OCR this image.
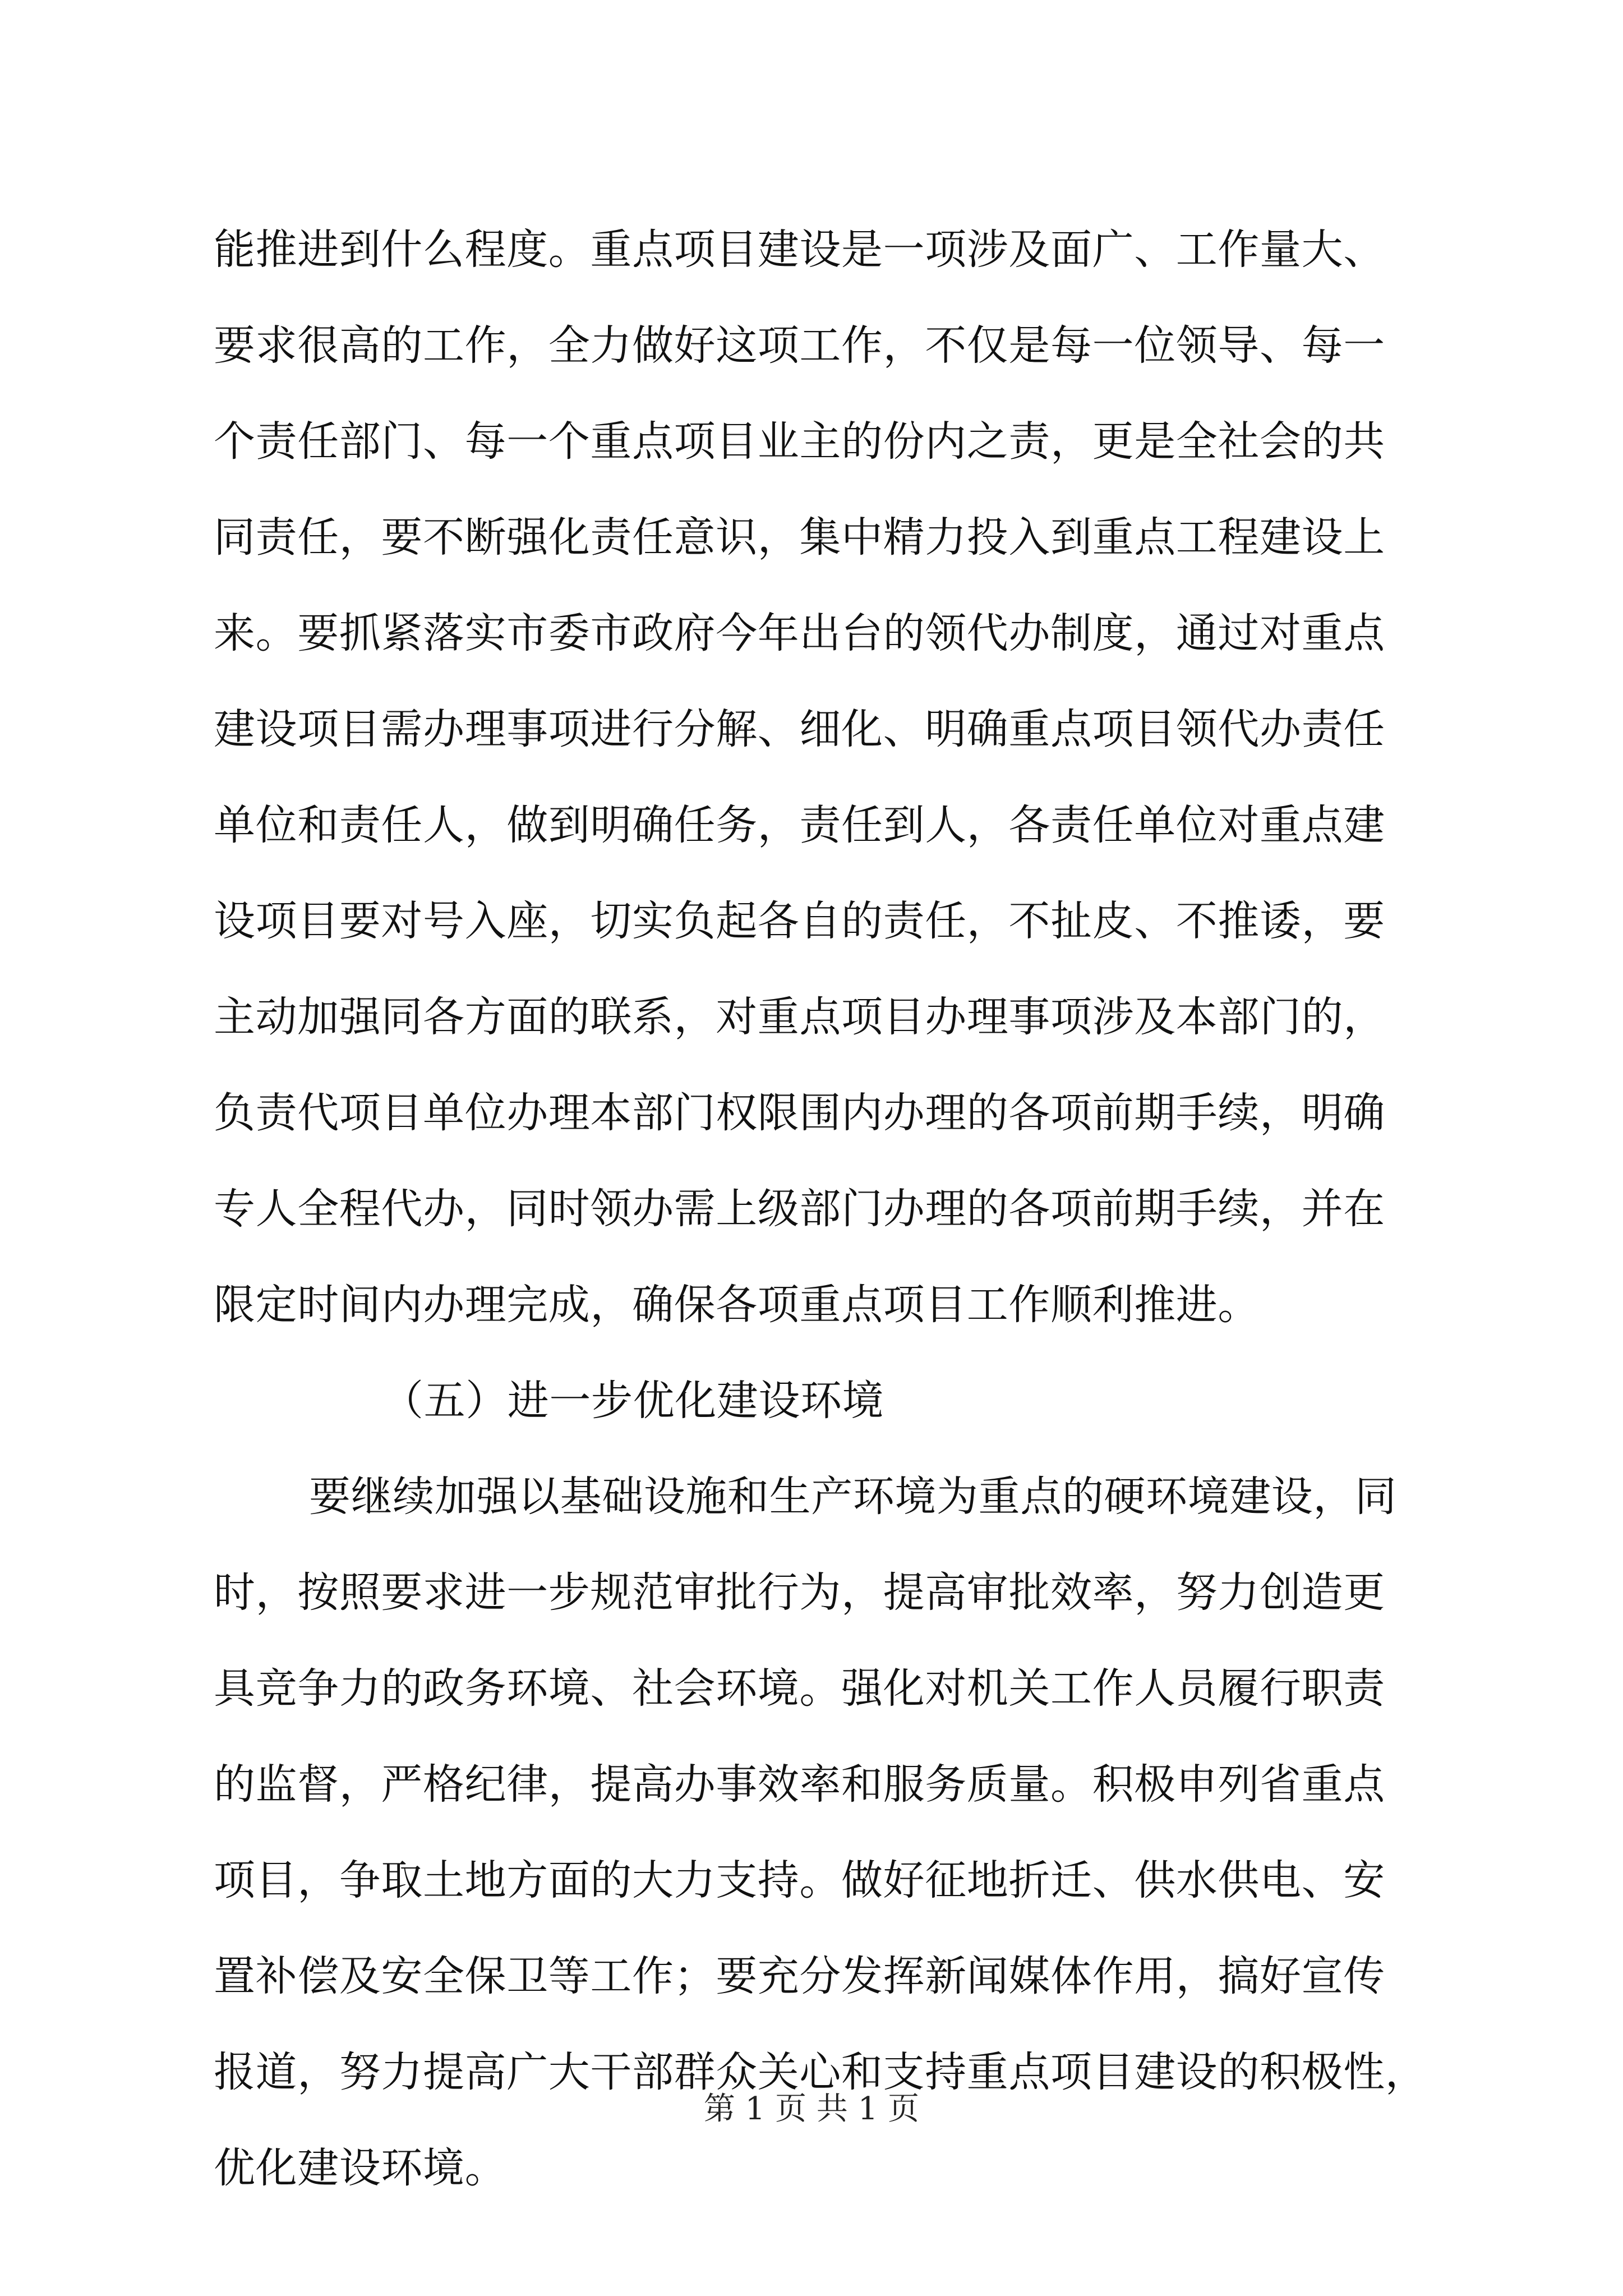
能推进到什么程度。重点项目建设是一项涉及面广、工作量大、
要求很高的工作，全力做好这项工作，不仅是每一位领导、每一
个责任部门、每一个重点项目业主的份内之责，更是全社会的共
同责任，要不断强化责任意识，集中精力投入到重点工程建设上
来。要抓紧落实市委市政府今年出台的领代办制度，通过对重点
建设项目需办理事项进行分解、细化、明确重点项目领代办责任
单位和责任人，做到明确任务，责任到人，各责任单位对重点建
设项目要对号入座，切实负起各自的责任，不扯皮、不推诿，要
主动加强同各方面的联系，对重点项目办理事项涉及本部门的，
负责代项目单位办理本部门权限围内办理的各项前期手续，明确
专人全程代办，同时领办需上级部门办理的各项前期手续，并在
限定时间内办理完成，确保各项重点项目工作顺利推进。
（五）进一步优化建设环境
要继续加强以基础设施和生产环境为重点的硬环境建设，同
时，按照要求进一步规范审批行为，提高审批效率，努力创造更
具竞争力的政务环境、社会环境。强化对机关工作人员履行职责
的监督，严格纪律，提高办事效率和服务质量。积极申列省重点
项目，争取土地方面的大力支持。做好征地折迁、供水供电、安
置补偿及安全保卫等工作；要充分发挥新闻媒体作用，搞好宣传
报道，努力提高广大干部群众关心和支持重点项目建设的积极性，
优化建设环境。
第 1 页 共 1 页
